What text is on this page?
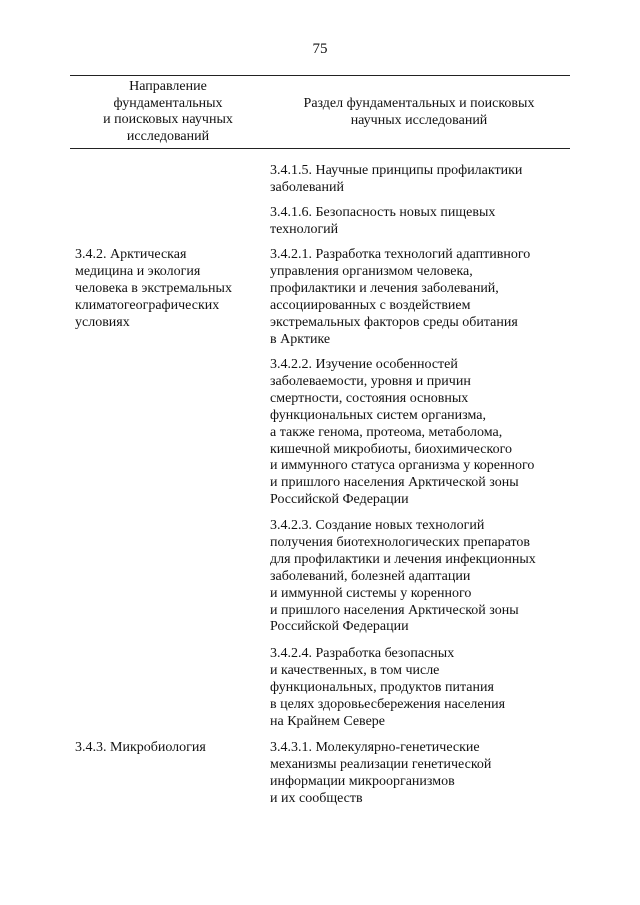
75
Направление
фундаментальных
и поисковых научных
исследований
Раздел фундаментальных и поисковых
научных исследований
3.4.1.5. Научные принципы профилактики
заболеваний
3.4.1.6. Безопасность новых пищевых
технологий
3.4.2.1. Разработка технологий адаптивного
управления организмом человека,
профилактики и лечения заболеваний,
ассоциированных с воздействием
экстремальных факторов среды обитания
в Арктике
3.4.2.2. Изучение особенностей
заболеваемости, уровня и причин
смертности, состояния основных
функциональных систем организма,
а также генома, протеома, метаболома,
кишечной микробиоты, биохимического
и иммунного статуса организма у коренного
и пришлого населения Арктической зоны
Российской Федерации
3.4.2.3. Создание новых технологий
получения биотехнологических препаратов
для профилактики и лечения инфекционных
заболеваний, болезней адаптации
и иммунной системы у коренного
и пришлого населения Арктической зоны
Российской Федерации
3.4.2.4. Разработка безопасных
и качественных, в том числе
функциональных, продуктов питания
в целях здоровьесбережения населения
на Крайнем Севере
3.4.3.1. Молекулярно-генетические
механизмы реализации генетической
информации микроорганизмов
и их сообществ
3.4.2. Арктическая
медицина и экология
человека в экстремальных
климатогеографических
условиях
3.4.3. Микробиология
